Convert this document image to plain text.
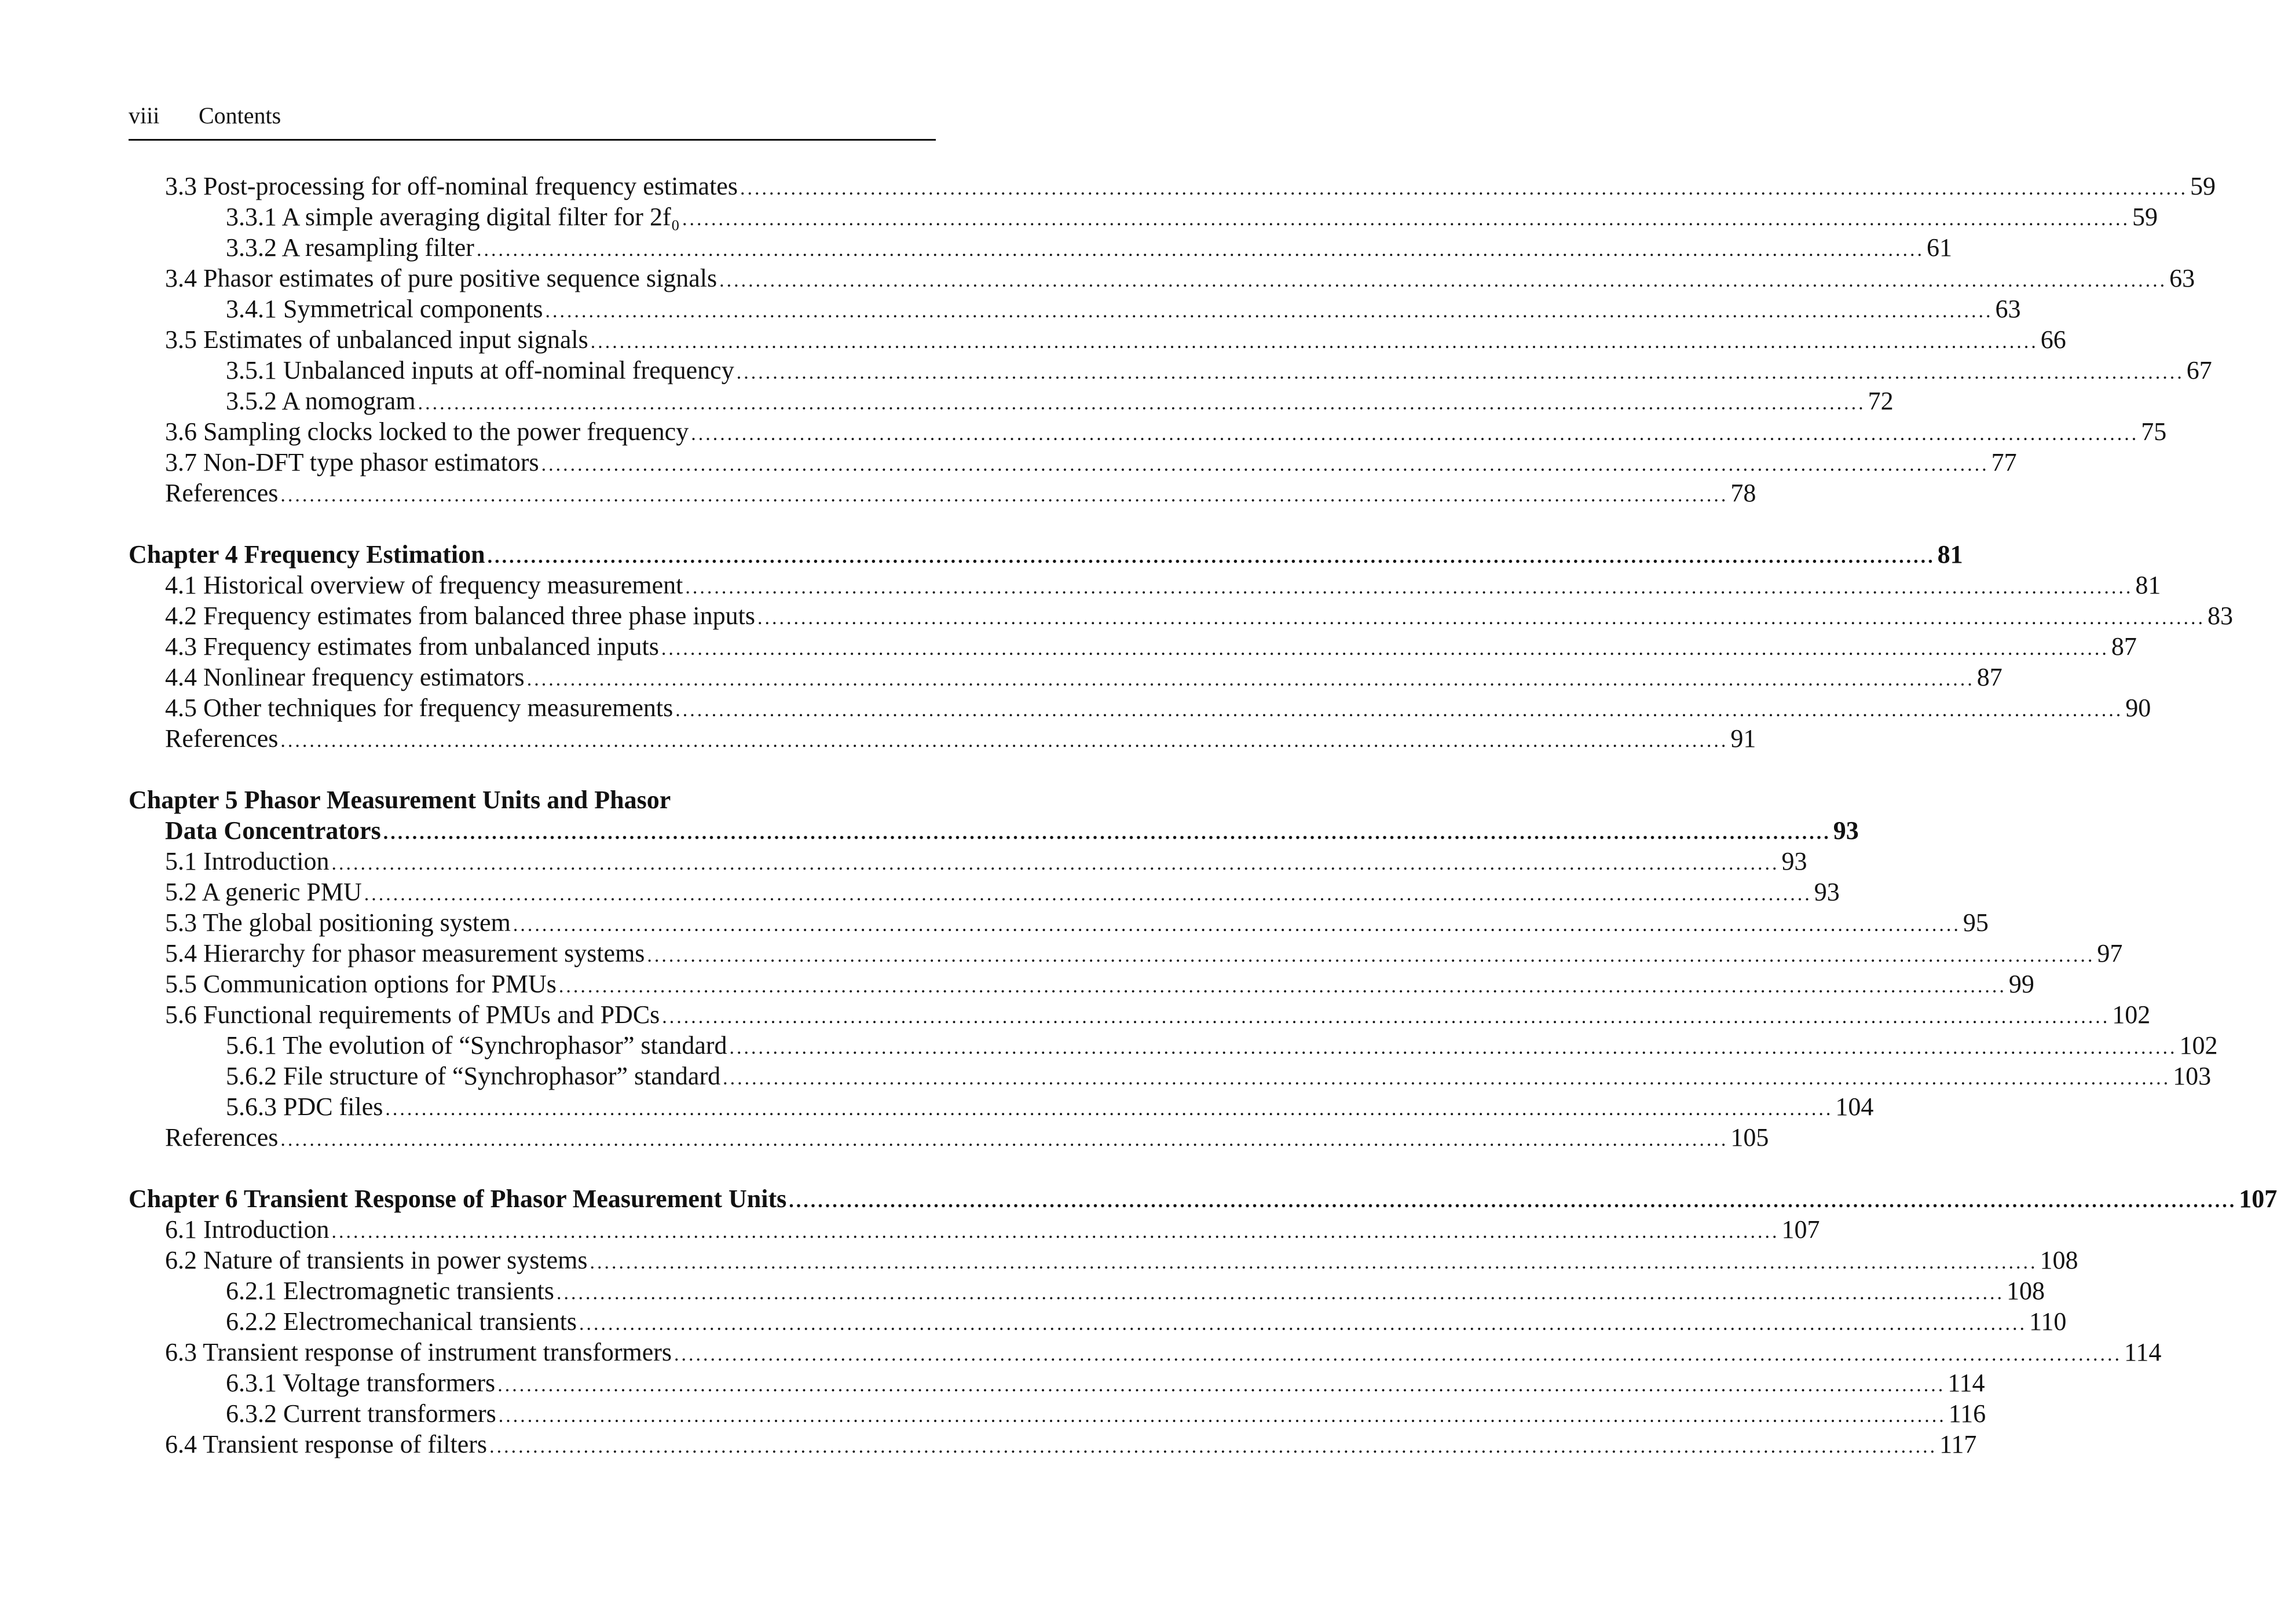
viii Contents
3.3 Post-processing for off-nominal frequency estimates ........................................................................................................................................................................................................ 59
3.3.1 A simple averaging digital filter for 2f₀ ........................................................................................................................................................................................................ 59
3.3.2 A resampling filter ........................................................................................................................................................................................................ 61
3.4 Phasor estimates of pure positive sequence signals ........................................................................................................................................................................................................ 63
3.4.1 Symmetrical components ........................................................................................................................................................................................................ 63
3.5 Estimates of unbalanced input signals ........................................................................................................................................................................................................ 66
3.5.1 Unbalanced inputs at off-nominal frequency ........................................................................................................................................................................................................ 67
3.5.2 A nomogram ........................................................................................................................................................................................................ 72
3.6 Sampling clocks locked to the power frequency ........................................................................................................................................................................................................ 75
3.7 Non-DFT type phasor estimators ........................................................................................................................................................................................................ 77
References ........................................................................................................................................................................................................ 78
Chapter 4 Frequency Estimation ........................................................................................................................................................................................................ 81
4.1 Historical overview of frequency measurement ........................................................................................................................................................................................................ 81
4.2 Frequency estimates from balanced three phase inputs ........................................................................................................................................................................................................ 83
4.3 Frequency estimates from unbalanced inputs ........................................................................................................................................................................................................ 87
4.4 Nonlinear frequency estimators ........................................................................................................................................................................................................ 87
4.5 Other techniques for frequency measurements ........................................................................................................................................................................................................ 90
References ........................................................................................................................................................................................................ 91
Chapter 5 Phasor Measurement Units and Phasor
Data Concentrators ........................................................................................................................................................................................................ 93
5.1 Introduction ........................................................................................................................................................................................................ 93
5.2 A generic PMU ........................................................................................................................................................................................................ 93
5.3 The global positioning system ........................................................................................................................................................................................................ 95
5.4 Hierarchy for phasor measurement systems ........................................................................................................................................................................................................ 97
5.5 Communication options for PMUs ........................................................................................................................................................................................................ 99
5.6 Functional requirements of PMUs and PDCs ........................................................................................................................................................................................................ 102
5.6.1 The evolution of “Synchrophasor” standard ........................................................................................................................................................................................................ 102
5.6.2 File structure of “Synchrophasor” standard ........................................................................................................................................................................................................ 103
5.6.3 PDC files ........................................................................................................................................................................................................ 104
References ........................................................................................................................................................................................................ 105
Chapter 6 Transient Response of Phasor Measurement Units ........................................................................................................................................................................................................ 107
6.1 Introduction ........................................................................................................................................................................................................ 107
6.2 Nature of transients in power systems ........................................................................................................................................................................................................ 108
6.2.1 Electromagnetic transients ........................................................................................................................................................................................................ 108
6.2.2 Electromechanical transients ........................................................................................................................................................................................................ 110
6.3 Transient response of instrument transformers ........................................................................................................................................................................................................ 114
6.3.1 Voltage transformers ........................................................................................................................................................................................................ 114
6.3.2 Current transformers ........................................................................................................................................................................................................ 116
6.4 Transient response of filters ........................................................................................................................................................................................................ 117
